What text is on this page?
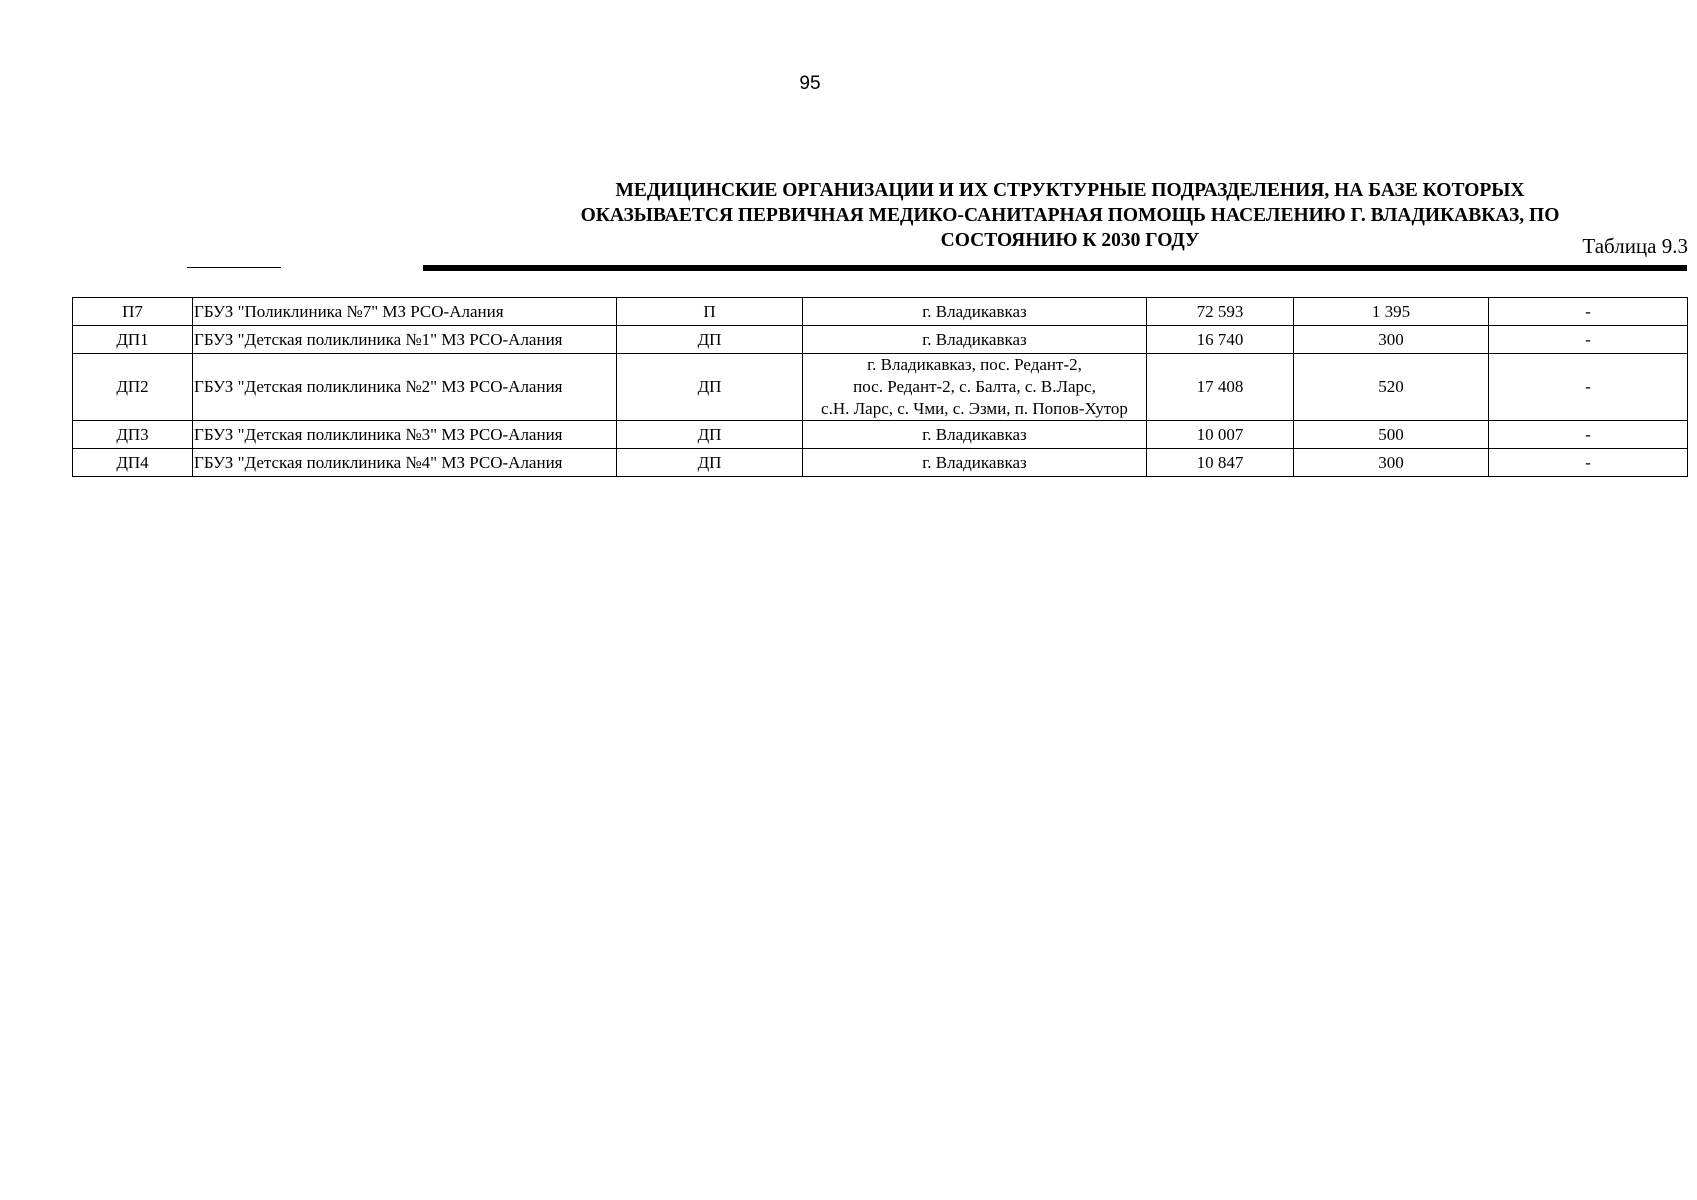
95
МЕДИЦИНСКИЕ ОРГАНИЗАЦИИ И ИХ СТРУКТУРНЫЕ ПОДРАЗДЕЛЕНИЯ, НА БАЗЕ КОТОРЫХ
ОКАЗЫВАЕТСЯ ПЕРВИЧНАЯ МЕДИКО-САНИТАРНАЯ ПОМОЩЬ НАСЕЛЕНИЮ Г. ВЛАДИКАВКАЗ, ПО
СОСТОЯНИЮ К 2030 ГОДУ	Таблица 9.3
П7	ГБУЗ "Поликлиника №7" МЗ РСО-Алания	П	г. Владикавказ	72 593	1 395	-
ДП1	ГБУЗ "Детская поликлиника №1" МЗ РСО-Алания	ДП	г. Владикавказ	16 740	300	-
ДП2	ГБУЗ "Детская поликлиника №2" МЗ РСО-Алания	ДП	г. Владикавказ, пос. Редант-2,
пос. Редант-2, с. Балта, с. В.Ларс,
с.Н. Ларс, с. Чми, с. Эзми, п. Попов-Хутор	17 408	520	-
ДП3	ГБУЗ "Детская поликлиника №3" МЗ РСО-Алания	ДП	г. Владикавказ	10 007	500	-
ДП4	ГБУЗ "Детская поликлиника №4" МЗ РСО-Алания	ДП	г. Владикавказ	10 847	300	-
